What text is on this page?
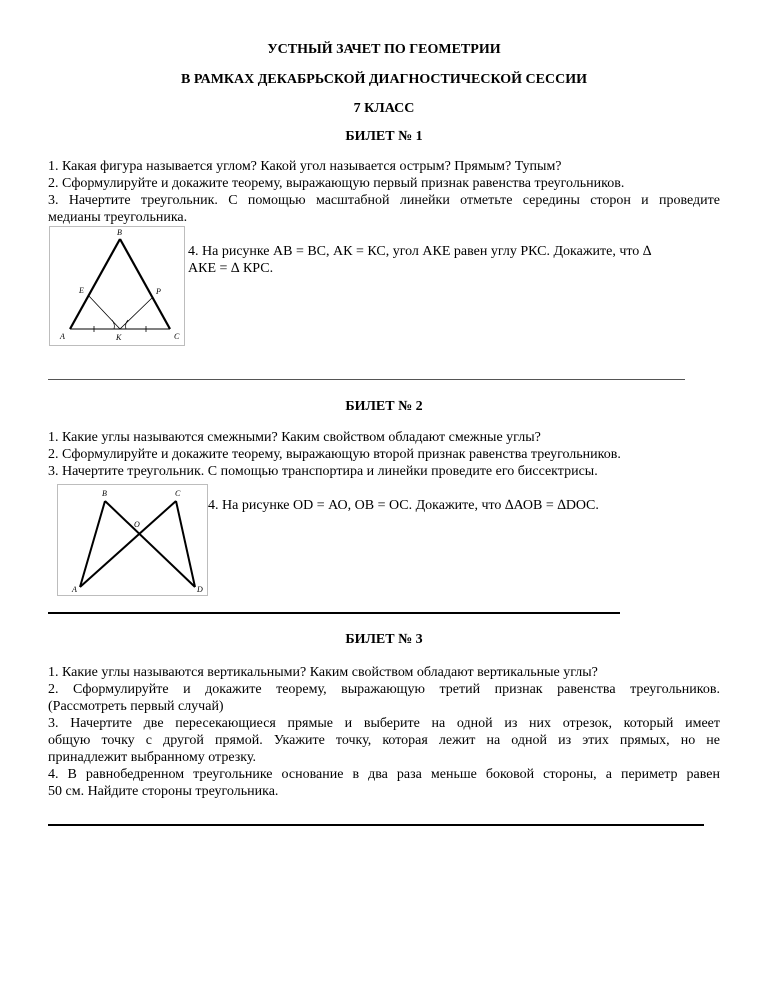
УСТНЫЙ ЗАЧЕТ ПО ГЕОМЕТРИИ
В РАМКАХ ДЕКАБРЬСКОЙ ДИАГНОСТИЧЕСКОЙ СЕССИИ
7 КЛАСС
БИЛЕТ № 1
1. Какая фигура называется углом? Какой угол называется острым? Прямым? Тупым?
2. Сформулируйте и докажите теорему, выражающую первый признак равенства треугольников.
3. Начертите треугольник. С помощью масштабной линейки отметьте середины сторон и проведите
медианы треугольника.
B
E	P
A	K	C
4. На рисунке АВ = ВС, АК = КС, угол АКЕ равен углу РКС. Докажите, что ∆
АКЕ = ∆ КРС.
БИЛЕТ № 2
1. Какие углы называются смежными? Каким свойством обладают смежные углы?
2. Сформулируйте и докажите теорему, выражающую второй признак равенства треугольников.
3. Начертите треугольник. С помощью транспортира и линейки проведите его биссектрисы.
B	C
O
A	D
4. На рисунке OD = АО, OB = ОС. Докажите, что ∆АОВ = ∆DOC.
БИЛЕТ № 3
1. Какие углы называются вертикальными? Каким свойством обладают вертикальные углы?
2. Сформулируйте и докажите теорему, выражающую третий признак равенства треугольников.
(Рассмотреть первый случай)
3. Начертите две пересекающиеся прямые и выберите на одной из них отрезок, который имеет
общую точку с другой прямой. Укажите точку, которая лежит на одной из этих прямых, но не
принадлежит выбранному отрезку.
4. В равнобедренном треугольнике основание в два раза меньше боковой стороны, а периметр равен
50 см. Найдите стороны треугольника.
